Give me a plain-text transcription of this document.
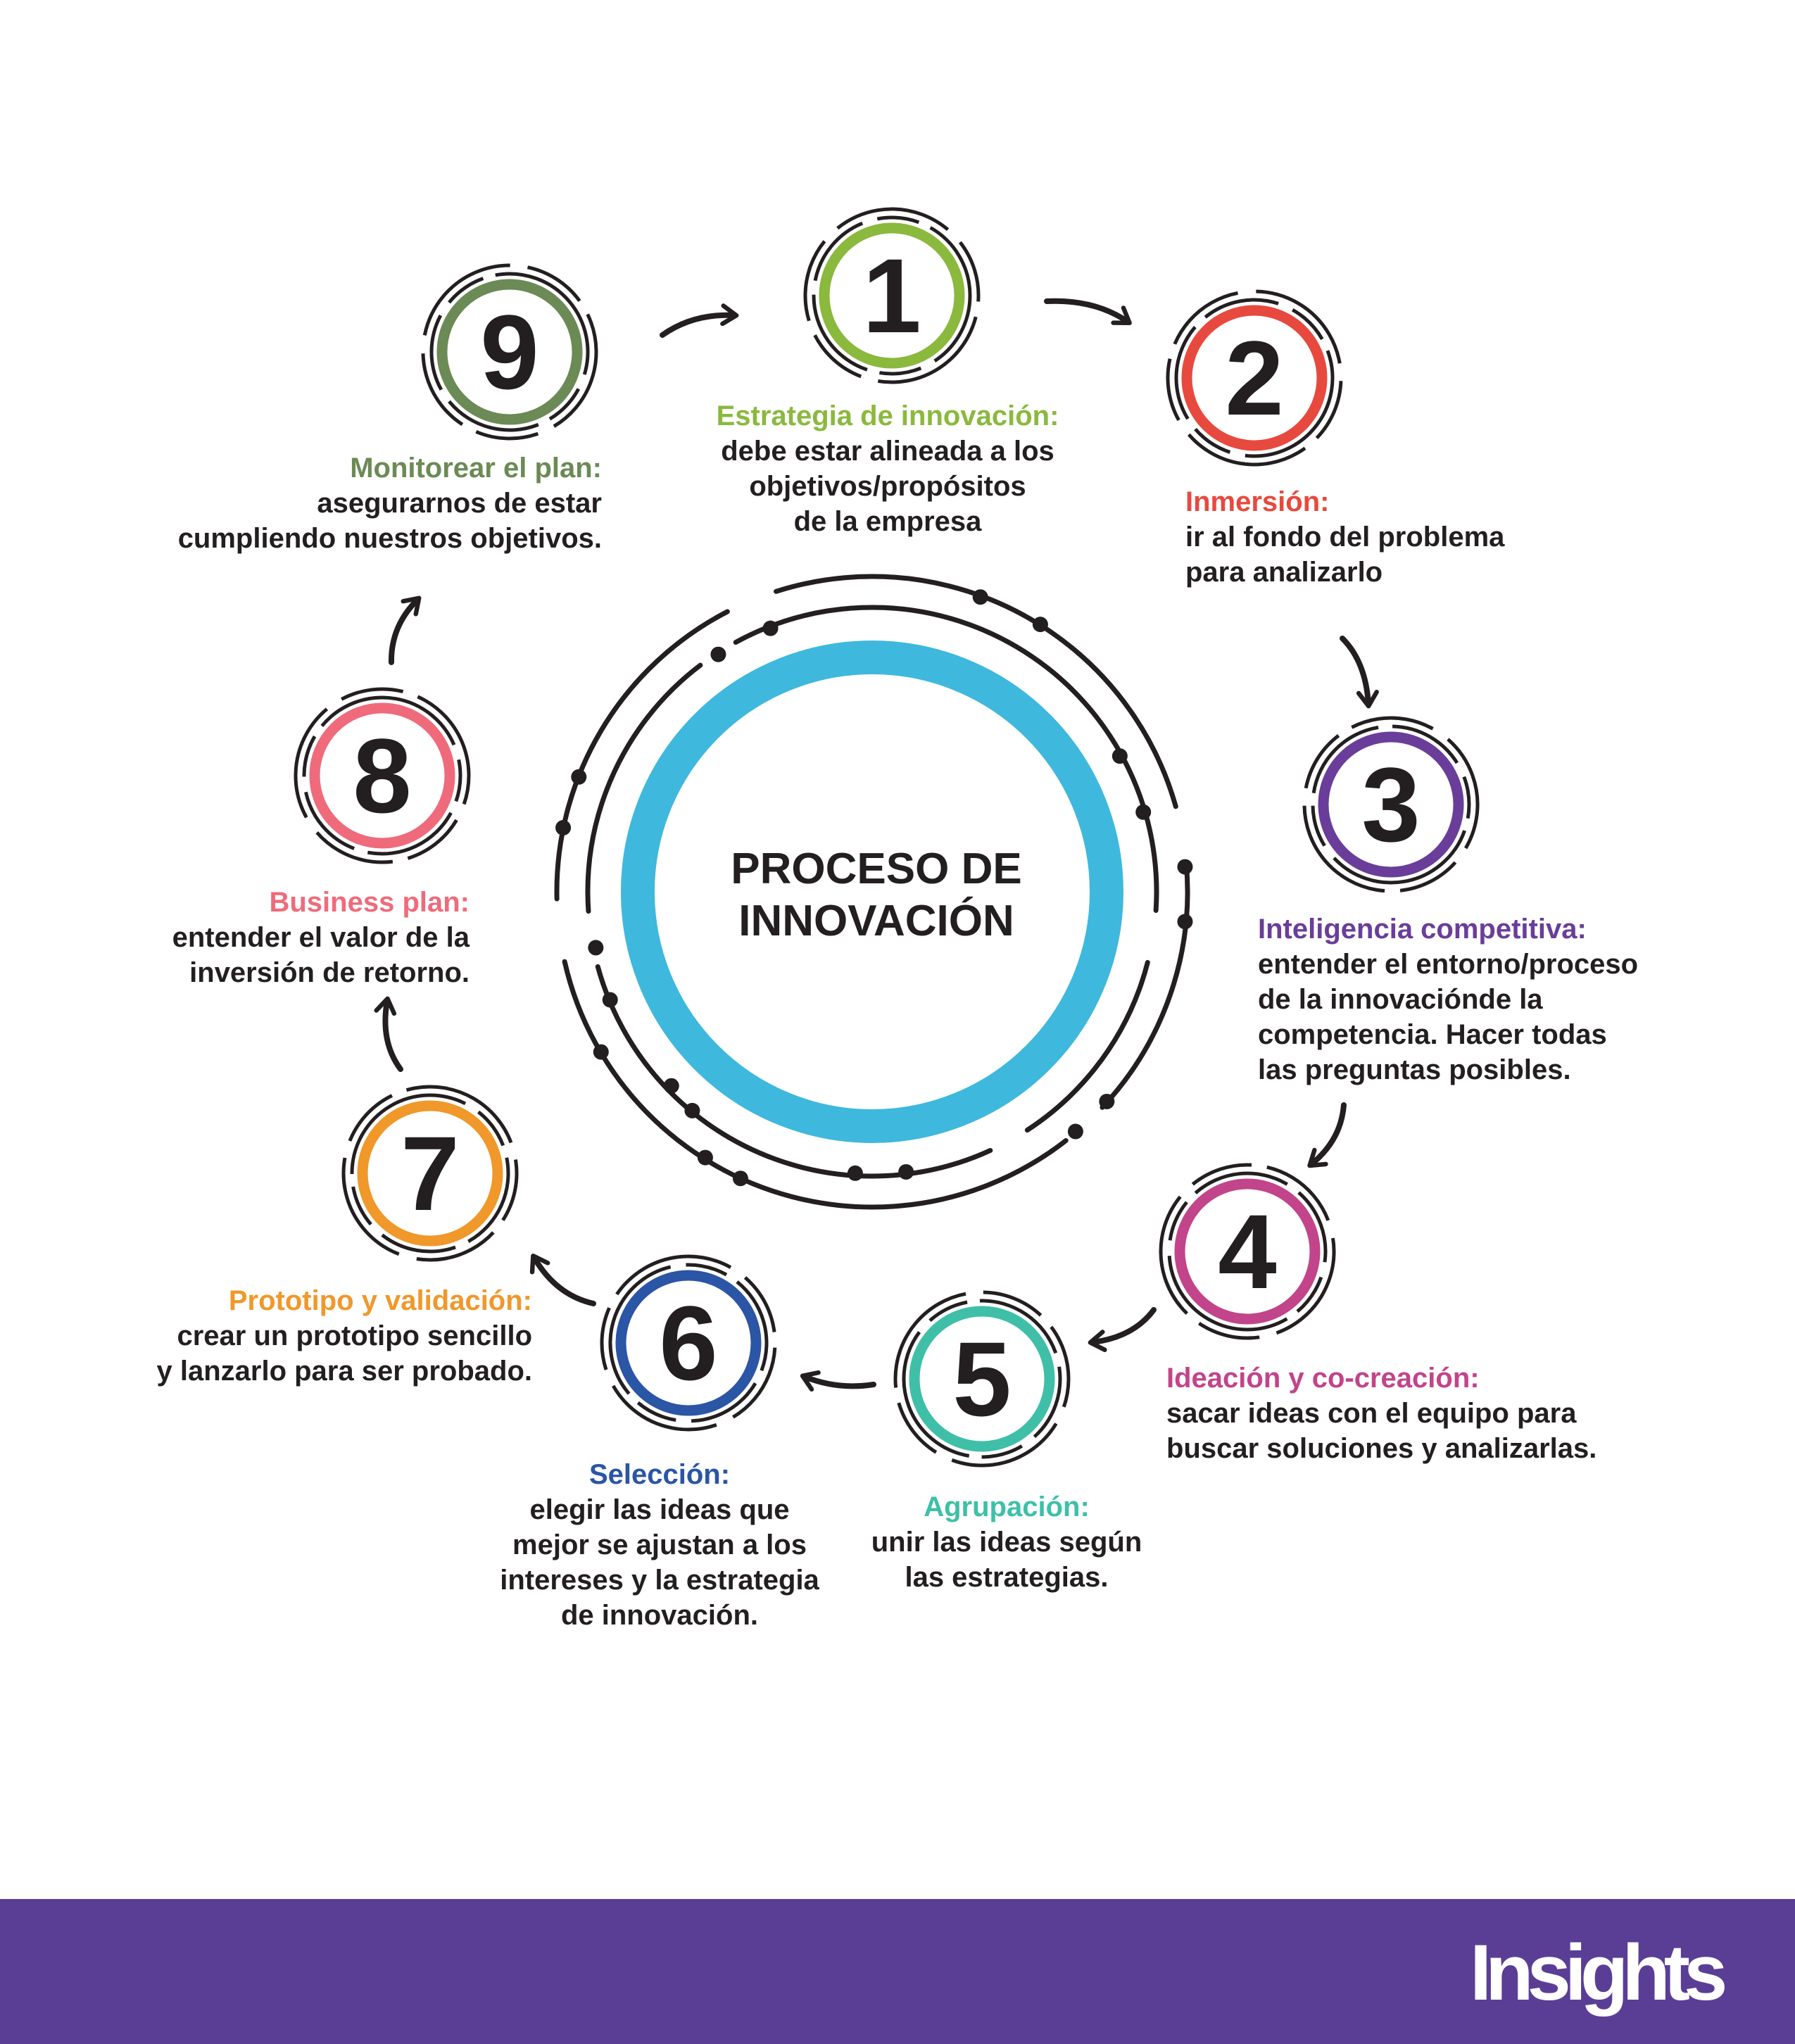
1
2
3
4
5
6
7
8
9
PROCESO DE
INNOVACIÓN
Estrategia de innovación:
debe estar alineada a los
objetivos/propósitos
de la empresa
Inmersión:
ir al fondo del problema
para analizarlo
Inteligencia competitiva:
entender el entorno/proceso
de la innovaciónde la
competencia. Hacer todas
las preguntas posibles.
Ideación y co-creación:
sacar ideas con el equipo para
buscar soluciones y analizarlas.
Agrupación:
unir las ideas según
las estrategias.
Selección:
elegir las ideas que
mejor se ajustan a los
intereses y la estrategia
de innovación.
Prototipo y validación:
crear un prototipo sencillo
y lanzarlo para ser probado.
Business plan:
entender el valor de la
inversión de retorno.
Monitorear el plan:
asegurarnos de estar
cumpliendo nuestros objetivos.
Insights
